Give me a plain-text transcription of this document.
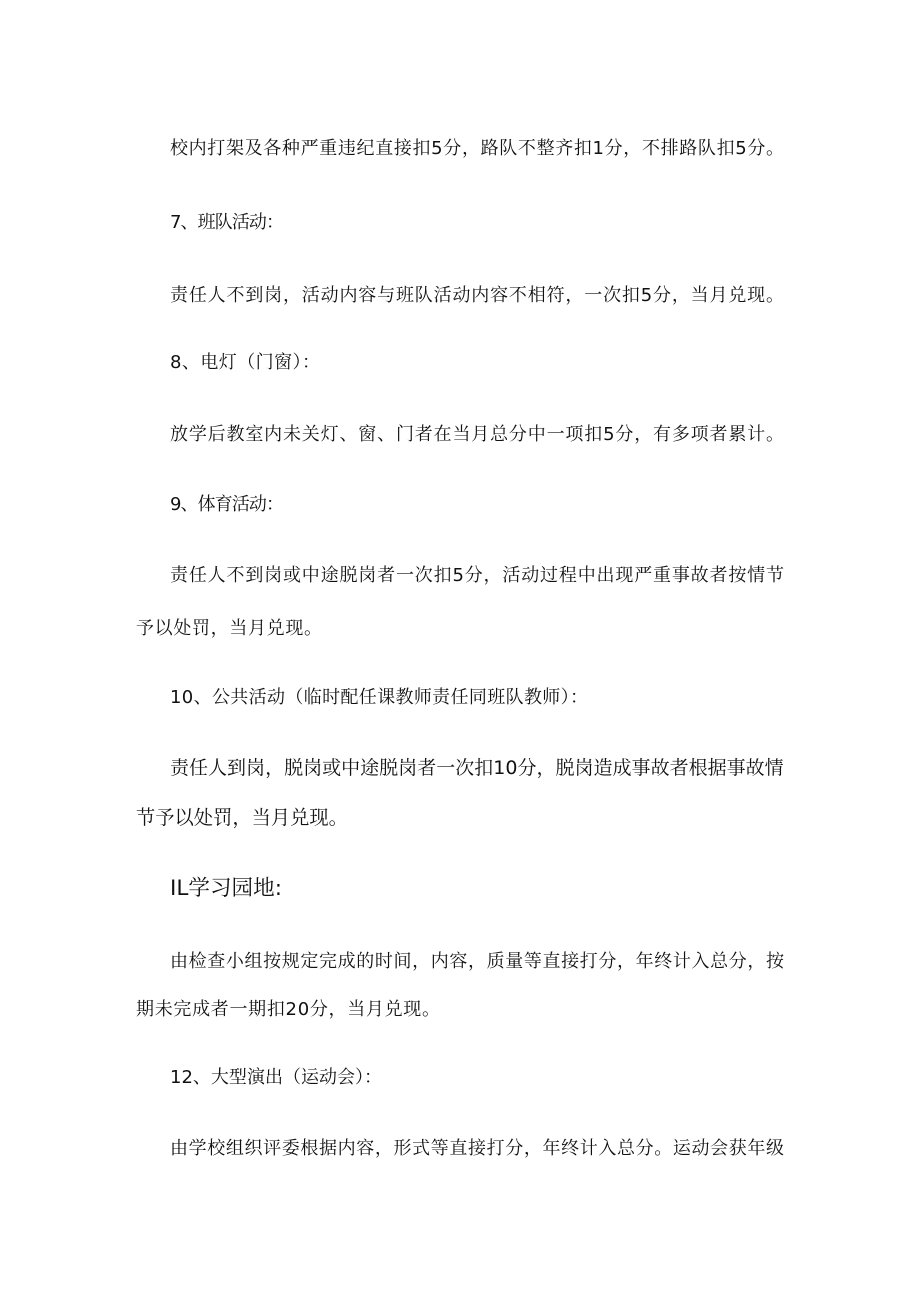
校内打架及各种严重违纪直接扣5分，路队不整齐扣1分，不排路队扣5分。
7、班队活动：
责任人不到岗，活动内容与班队活动内容不相符，一次扣5分，当月兑现。
8、电灯（门窗）：
放学后教室内未关灯、窗、门者在当月总分中一项扣5分，有多项者累计。
9、体育活动：
责任人不到岗或中途脱岗者一次扣5分，活动过程中出现严重事故者按情节
予以处罚，当月兑现。
10、公共活动（临时配任课教师责任同班队教师）：
责任人到岗，脱岗或中途脱岗者一次扣10分，脱岗造成事故者根据事故情
节予以处罚，当月兑现。
IL学习园地:
由检查小组按规定完成的时间，内容，质量等直接打分，年终计入总分，按
期未完成者一期扣20分，当月兑现。
12、大型演出（运动会）：
由学校组织评委根据内容，形式等直接打分，年终计入总分。运动会获年级
